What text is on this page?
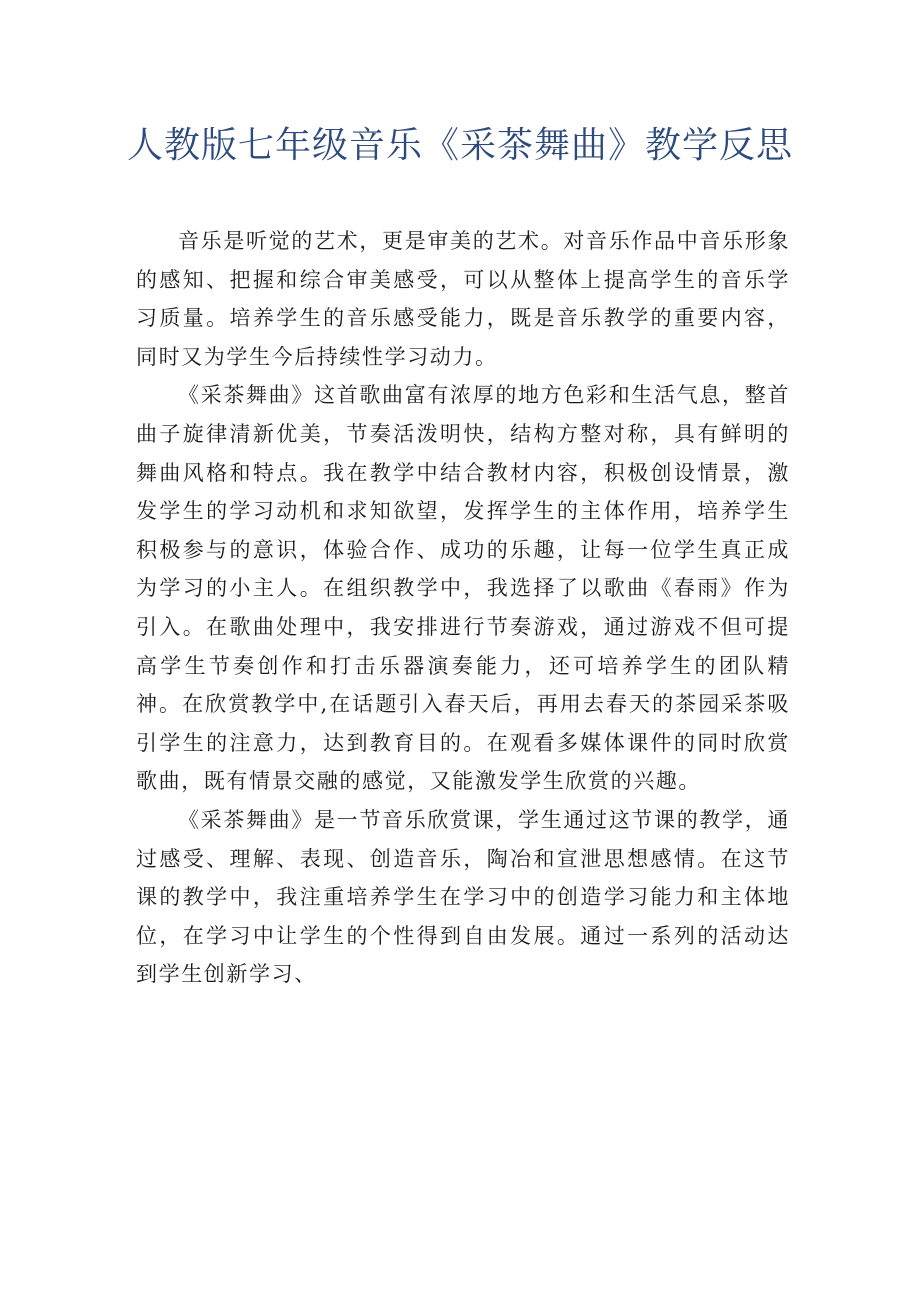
人教版七年级音乐《采茶舞曲》教学反思

音乐是听觉的艺术，更是审美的艺术。对音乐作品中音乐形象的感知、把握和综合审美感受，可以从整体上提高学生的音乐学习质量。培养学生的音乐感受能力，既是音乐教学的重要内容，同时又为学生今后持续性学习动力。

《采茶舞曲》这首歌曲富有浓厚的地方色彩和生活气息，整首曲子旋律清新优美，节奏活泼明快，结构方整对称，具有鲜明的舞曲风格和特点。我在教学中结合教材内容，积极创设情景，激发学生的学习动机和求知欲望，发挥学生的主体作用，培养学生积极参与的意识，体验合作、成功的乐趣，让每一位学生真正成为学习的小主人。在组织教学中，我选择了以歌曲《春雨》作为引入。在歌曲处理中，我安排进行节奏游戏，通过游戏不但可提高学生节奏创作和打击乐器演奏能力，还可培养学生的团队精神。在欣赏教学中,在话题引入春天后，再用去春天的茶园采茶吸引学生的注意力，达到教育目的。在观看多媒体课件的同时欣赏歌曲，既有情景交融的感觉，又能激发学生欣赏的兴趣。

《采茶舞曲》是一节音乐欣赏课，学生通过这节课的教学，通过感受、理解、表现、创造音乐，陶冶和宣泄思想感情。在这节课的教学中，我注重培养学生在学习中的创造学习能力和主体地位，在学习中让学生的个性得到自由发展。通过一系列的活动达到学生创新学习、
